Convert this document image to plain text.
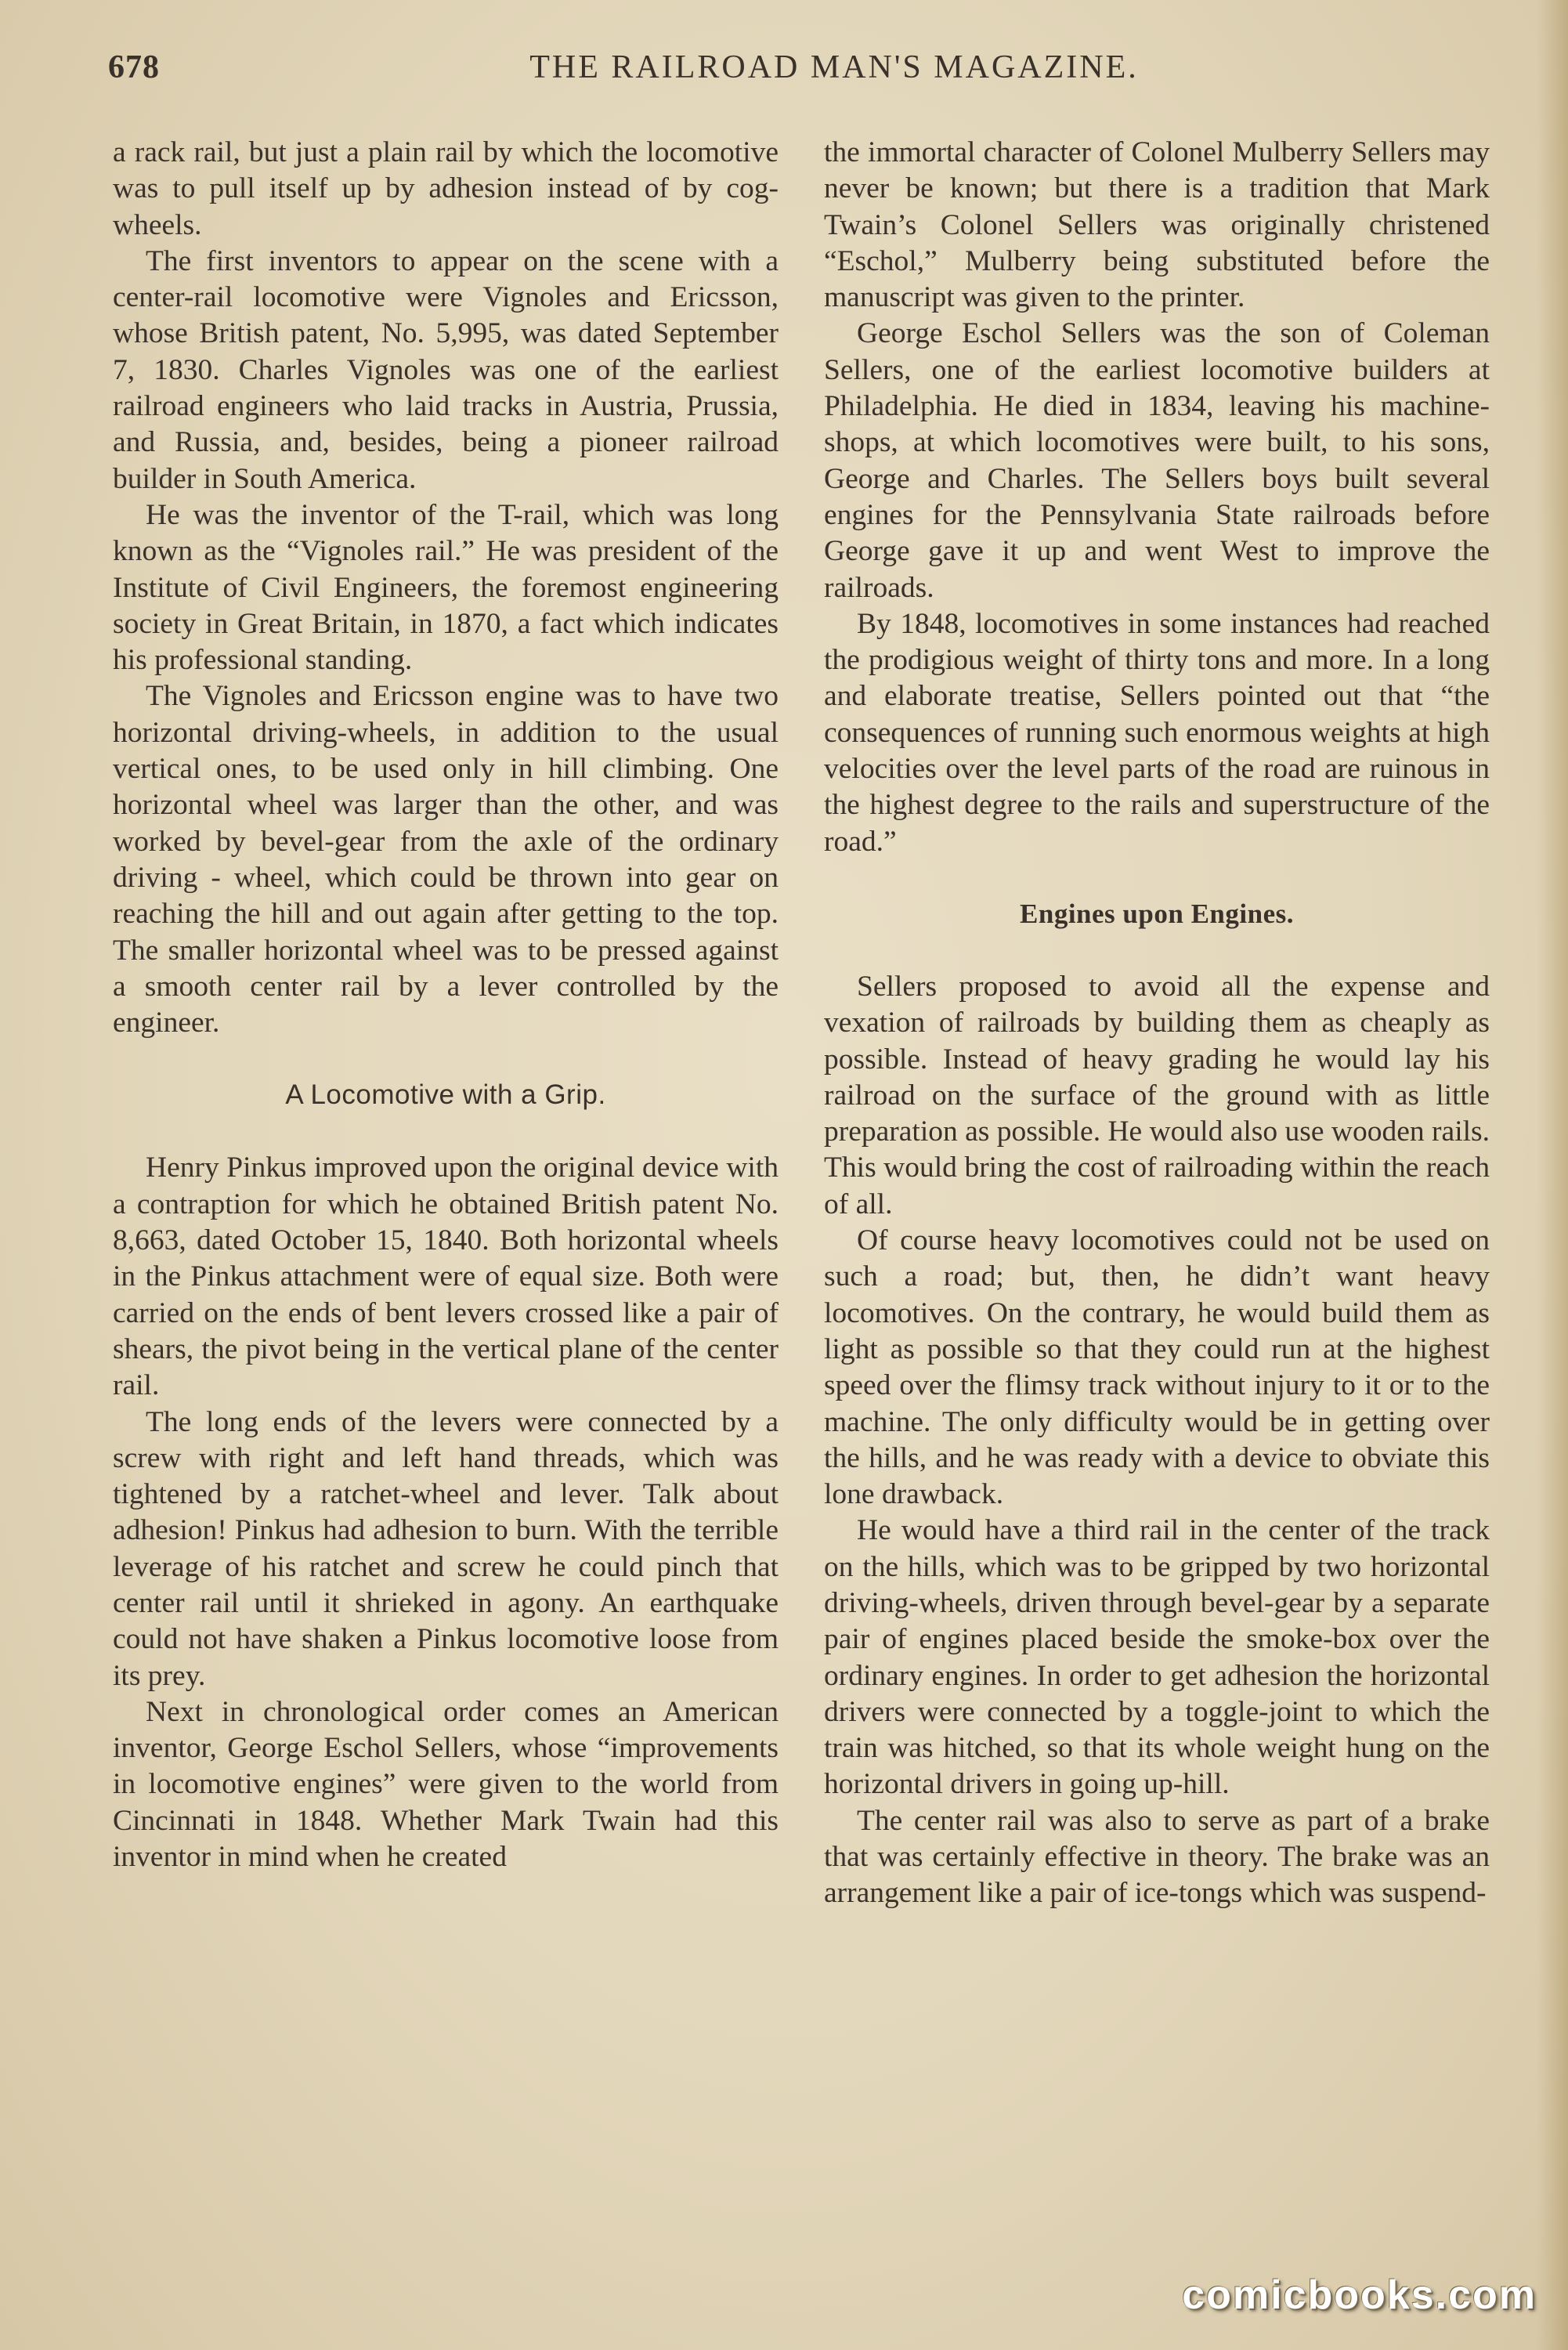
678	THE RAILROAD MAN'S MAGAZINE.

a rack rail, but just a plain rail by which the locomotive was to pull itself up by adhesion instead of by cog-wheels.

The first inventors to appear on the scene with a center-rail locomotive were Vignoles and Ericsson, whose British patent, No. 5,995, was dated September 7, 1830. Charles Vignoles was one of the earliest railroad engineers who laid tracks in Austria, Prussia, and Russia, and, besides, being a pioneer railroad builder in South America.

He was the inventor of the T-rail, which was long known as the “Vignoles rail.” He was president of the Institute of Civil Engineers, the foremost engineering society in Great Britain, in 1870, a fact which indicates his professional standing.

The Vignoles and Ericsson engine was to have two horizontal driving-wheels, in addition to the usual vertical ones, to be used only in hill climbing. One horizontal wheel was larger than the other, and was worked by bevel-gear from the axle of the ordinary driving - wheel, which could be thrown into gear on reaching the hill and out again after getting to the top. The smaller horizontal wheel was to be pressed against a smooth center rail by a lever controlled by the engineer.

A Locomotive with a Grip.

Henry Pinkus improved upon the original device with a contraption for which he obtained British patent No. 8,663, dated October 15, 1840. Both horizontal wheels in the Pinkus attachment were of equal size. Both were carried on the ends of bent levers crossed like a pair of shears, the pivot being in the vertical plane of the center rail.

The long ends of the levers were connected by a screw with right and left hand threads, which was tightened by a ratchet-wheel and lever. Talk about adhesion! Pinkus had adhesion to burn. With the terrible leverage of his ratchet and screw he could pinch that center rail until it shrieked in agony. An earthquake could not have shaken a Pinkus locomotive loose from its prey.

Next in chronological order comes an American inventor, George Eschol Sellers, whose “improvements in locomotive engines” were given to the world from Cincinnati in 1848. Whether Mark Twain had this inventor in mind when he created

the immortal character of Colonel Mulberry Sellers may never be known; but there is a tradition that Mark Twain’s Colonel Sellers was originally christened “Eschol,” Mulberry being substituted before the manuscript was given to the printer.

George Eschol Sellers was the son of Coleman Sellers, one of the earliest locomotive builders at Philadelphia. He died in 1834, leaving his machine-shops, at which locomotives were built, to his sons, George and Charles. The Sellers boys built several engines for the Pennsylvania State railroads before George gave it up and went West to improve the railroads.

By 1848, locomotives in some instances had reached the prodigious weight of thirty tons and more. In a long and elaborate treatise, Sellers pointed out that “the consequences of running such enormous weights at high velocities over the level parts of the road are ruinous in the highest degree to the rails and superstructure of the road.”

Engines upon Engines.

Sellers proposed to avoid all the expense and vexation of railroads by building them as cheaply as possible. Instead of heavy grading he would lay his railroad on the surface of the ground with as little preparation as possible. He would also use wooden rails. This would bring the cost of railroading within the reach of all.

Of course heavy locomotives could not be used on such a road; but, then, he didn’t want heavy locomotives. On the contrary, he would build them as light as possible so that they could run at the highest speed over the flimsy track without injury to it or to the machine. The only difficulty would be in getting over the hills, and he was ready with a device to obviate this lone drawback.

He would have a third rail in the center of the track on the hills, which was to be gripped by two horizontal driving-wheels, driven through bevel-gear by a separate pair of engines placed beside the smoke-box over the ordinary engines. In order to get adhesion the horizontal drivers were connected by a toggle-joint to which the train was hitched, so that its whole weight hung on the horizontal drivers in going up-hill.

The center rail was also to serve as part of a brake that was certainly effective in theory. The brake was an arrangement like a pair of ice-tongs which was suspend-

comicbooks.com
